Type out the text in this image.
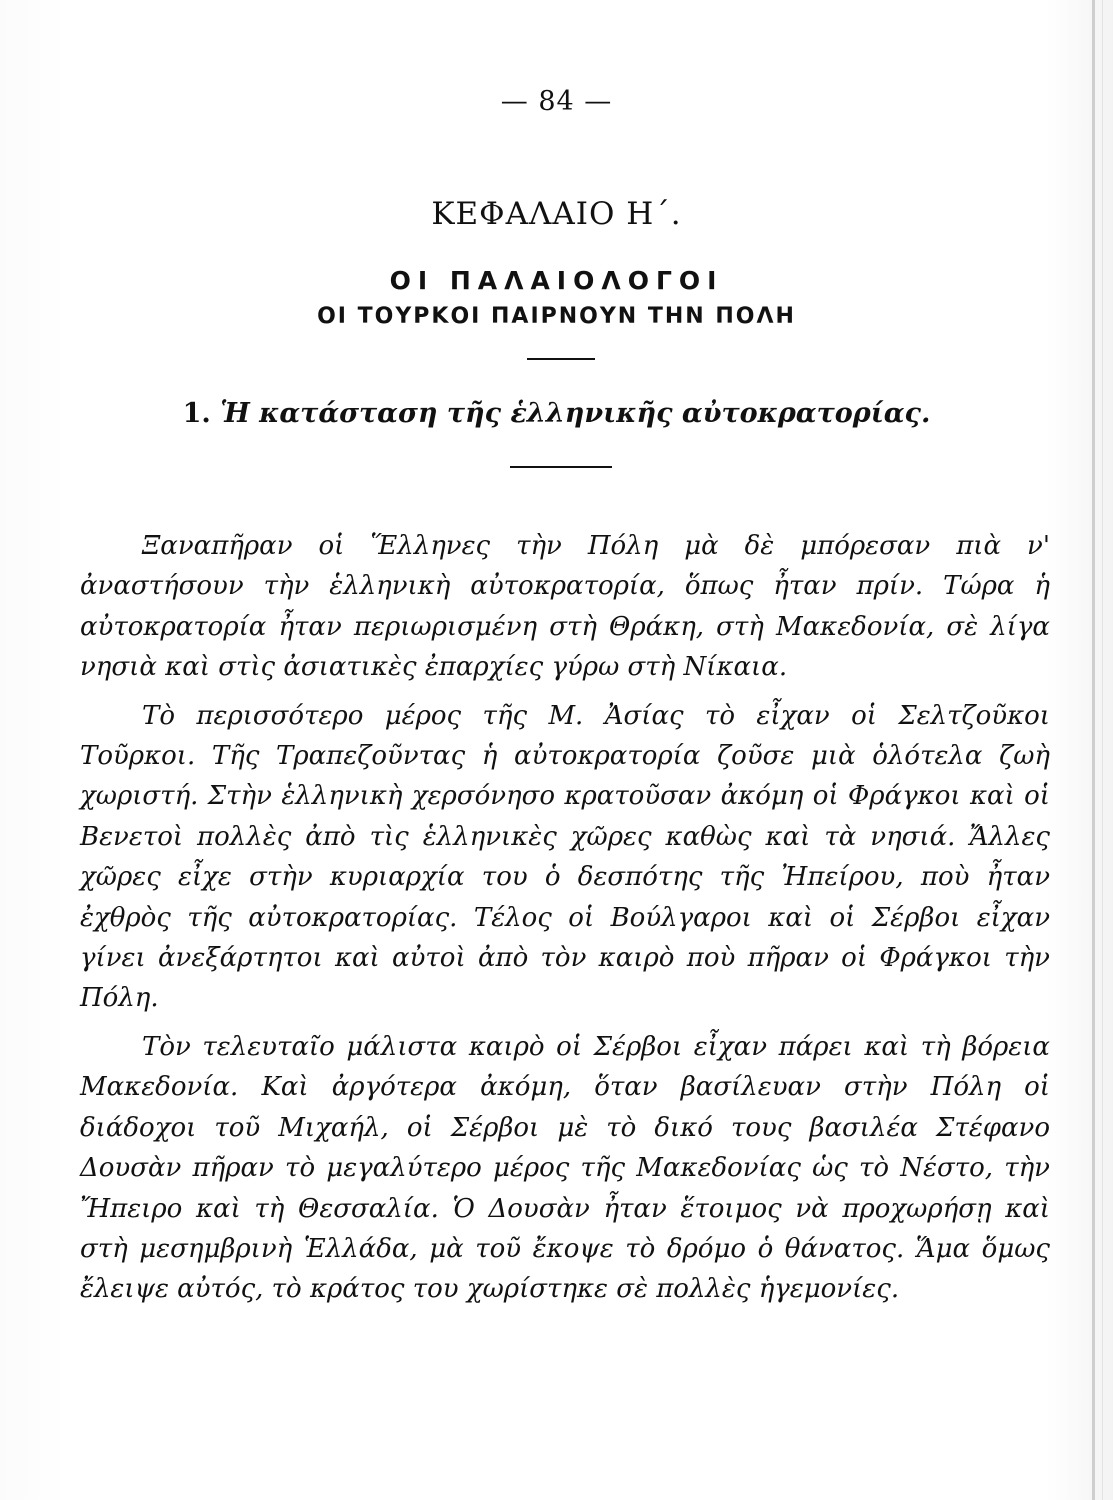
— 84 —
ΚΕΦΑΛΑΙΟ Η΄.
ΟΙ ΠΑΛΑΙΟΛΟΓΟΙ
ΟΙ ΤΟΥΡΚΟΙ ΠΑΙΡΝΟΥΝ ΤΗΝ ΠΟΛΗ
1. Ἡ κατάσταση τῆς ἑλληνικῆς αὐτοκρατορίας.

Ξαναπῆραν οἱ Ἕλληνες τὴν Πόλη μὰ δὲ μπόρεσαν πιὰ ν' ἀναστήσουν τὴν ἑλληνικὴ αὐτοκρατορία, ὅπως ἦταν πρίν. Τώρα ἡ αὐτοκρατορία ἦταν περιωρισμένη στὴ Θράκη, στὴ Μακεδονία, σὲ λίγα νησιὰ καὶ στὶς ἀσιατικὲς ἐπαρχίες γύρω στὴ Νίκαια.

Τὸ περισσότερο μέρος τῆς Μ. Ἀσίας τὸ εἶχαν οἱ Σελτζοῦκοι Τοῦρκοι. Τῆς Τραπεζοῦντας ἡ αὐτοκρατορία ζοῦσε μιὰ ὁλότελα ζωὴ χωριστή. Στὴν ἑλληνικὴ χερσόνησο κρατοῦσαν ἀκόμη οἱ Φράγκοι καὶ οἱ Βενετοὶ πολλὲς ἀπὸ τὶς ἑλληνικὲς χῶρες καθὼς καὶ τὰ νησιά. Ἄλλες χῶρες εἶχε στὴν κυριαρχία του ὁ δεσπότης τῆς Ἠπείρου, ποὺ ἦταν ἐχθρὸς τῆς αὐτοκρατορίας. Τέλος οἱ Βούλγαροι καὶ οἱ Σέρβοι εἶχαν γίνει ἀνεξάρτητοι καὶ αὐτοὶ ἀπὸ τὸν καιρὸ ποὺ πῆραν οἱ Φράγκοι τὴν Πόλη.

Τὸν τελευταῖο μάλιστα καιρὸ οἱ Σέρβοι εἶχαν πάρει καὶ τὴ βόρεια Μακεδονία. Καὶ ἀργότερα ἀκόμη, ὅταν βασίλευαν στὴν Πόλη οἱ διάδοχοι τοῦ Μιχαήλ, οἱ Σέρβοι μὲ τὸ δικό τους βασιλέα Στέφανο Δουσὰν πῆραν τὸ μεγαλύτερο μέρος τῆς Μακεδονίας ὡς τὸ Νέστο, τὴν Ἤπειρο καὶ τὴ Θεσσαλία. Ὁ Δουσὰν ἦταν ἕτοιμος νὰ προχωρήσῃ καὶ στὴ μεσημβρινὴ Ἑλλάδα, μὰ τοῦ ἔκοψε τὸ δρόμο ὁ θάνατος. Ἅμα ὅμως ἔλειψε αὐτός, τὸ κράτος του χωρίστηκε σὲ πολλὲς ἡγεμονίες.
